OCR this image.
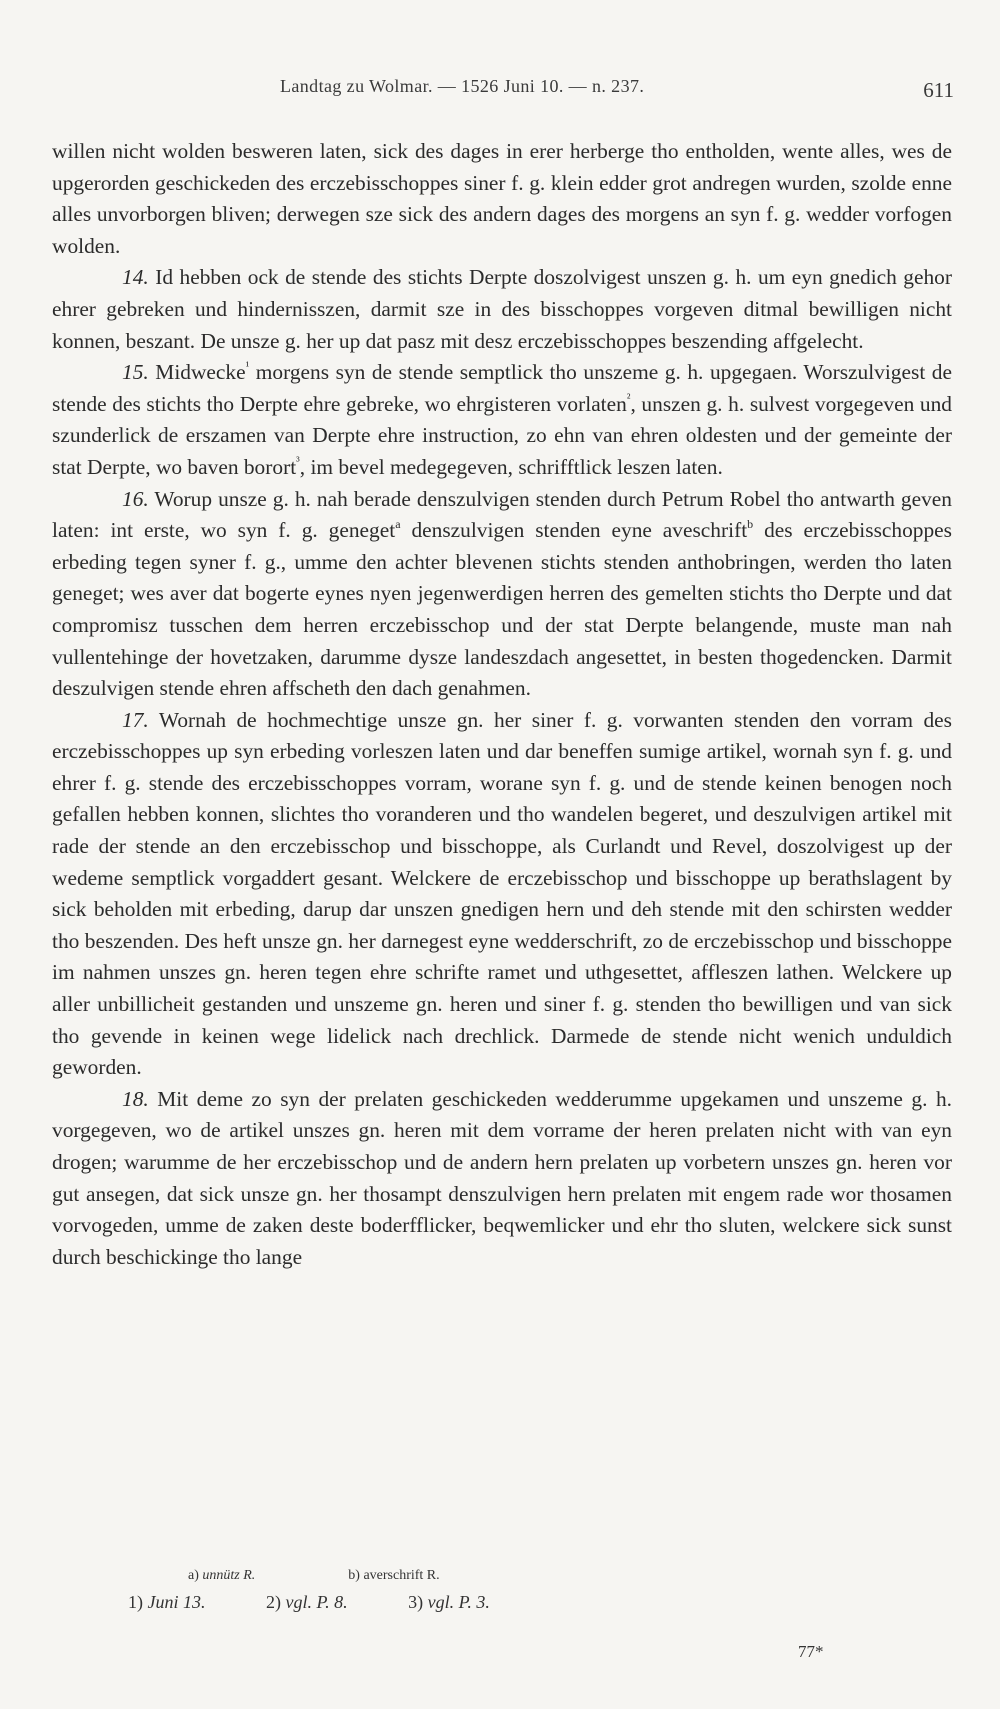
Landtag zu Wolmar. — 1526 Juni 10. — n. 237.	611

willen nicht wolden besweren laten, sick des dages in erer herberge tho entholden, wente alles, wes de upgerorden geschickeden des erczebisschoppes siner f. g. klein edder grot andregen wurden, szolde enne alles unvorborgen bliven; derwegen sze sick des andern dages des morgens an syn f. g. wedder vorfogen wolden.

14. Id hebben ock de stende des stichts Derpte doszolvigest unszen g. h. um eyn gnedich gehor ehrer gebreken und hindernisszen, darmit sze in des bisschoppes vorgeven ditmal bewilligen nicht konnen, beszant. De unsze g. her up dat pasz mit desz erczebisschoppes beszending affgelecht.

15. Midwecke$^{^1}$ morgens syn de stende semptlick tho unszeme g. h. upgegaen. Worszulvigest de stende des stichts tho Derpte ehre gebreke, wo ehrgisteren vorlaten$^{^2}$, unszen g. h. sulvest vorgegeven und szunderlick de erszamen van Derpte ehre instruction, zo ehn van ehren oldesten und der gemeinte der stat Derpte, wo baven borort$^{^3}$, im bevel medegegeven, schrifftlick leszen laten.

16. Worup unsze g. h. nah berade denszulvigen stenden durch Petrum Robel tho antwarth geven laten: int erste, wo syn f. g. geneget$^a$ denszulvigen stenden eyne aveschrift$^b$ des erczebisschoppes erbeding tegen syner f. g., umme den achter blevenen stichts stenden anthobringen, werden tho laten geneget; wes aver dat bogerte eynes nyen jegenwerdigen herren des gemelten stichts tho Derpte und dat compromisz tusschen dem herren erczebisschop und der stat Derpte belangende, muste man nah vullentehinge der hovetzaken, darumme dysze landeszdach angesettet, in besten thogedencken. Darmit deszulvigen stende ehren affscheth den dach genahmen.

17. Wornah de hochmechtige unsze gn. her siner f. g. vorwanten stenden den vorram des erczebisschoppes up syn erbeding vorleszen laten und dar beneffen sumige artikel, wornah syn f. g. und ehrer f. g. stende des erczebisschoppes vorram, worane syn f. g. und de stende keinen benogen noch gefallen hebben konnen, slichtes tho voranderen und tho wandelen begeret, und deszulvigen artikel mit rade der stende an den erczebisschop und bisschoppe, als Curlandt und Revel, doszolvigest up der wedeme semptlick vorgaddert gesant. Welckere de erczebisschop und bisschoppe up berathslagent by sick beholden mit erbeding, darup dar unszen gnedigen hern und deh stende mit den schirsten wedder tho beszenden. Des heft unsze gn. her darnegest eyne wedderschrift, zo de erczebisschop und bisschoppe im nahmen unszes gn. heren tegen ehre schrifte ramet und uthgesettet, affleszen lathen. Welckere up aller unbillicheit gestanden und unszeme gn. heren und siner f. g. stenden tho bewilligen und van sick tho gevende in keinen wege lidelick nach drechlick. Darmede de stende nicht wenich unduldich geworden.

18. Mit deme zo syn der prelaten geschickeden wedderumme upgekamen und unszeme g. h. vorgegeven, wo de artikel unszes gn. heren mit dem vorrame der heren prelaten nicht with van eyn drogen; warumme de her erczebisschop und de andern hern prelaten up vorbetern unszes gn. heren vor gut ansegen, dat sick unsze gn. her thosampt denszulvigen hern prelaten mit engem rade wor thosamen vorvogeden, umme de zaken deste boderfflicker, beqwemlicker und ehr tho sluten, welckere sick sunst durch beschickinge tho lange

a) unnütz R.	b) averschrift R.
1) Juni 13.	2) vgl. P. 8.	3) vgl. P. 3.
77*
